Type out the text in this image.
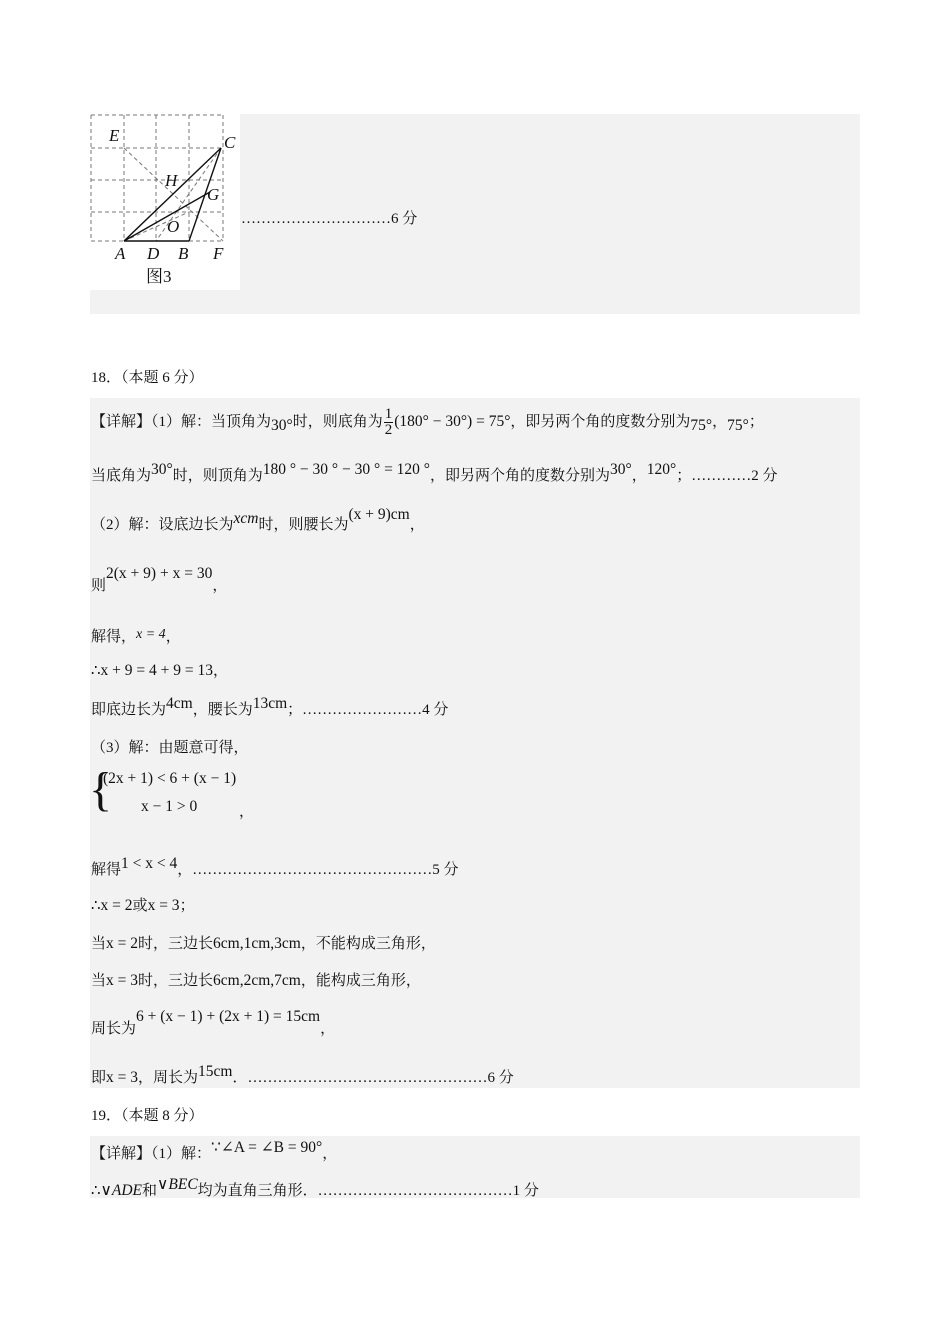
E	C
H
G
O
A D B F
图3
…………………………6 分
18．（本题 6 分）
【详解】（1）解：当顶角为30°时，则底角为 $\frac{1}{2} (180^\circ - 30^\circ) = 75^\circ$，即另两个角的度数分别为75°，75°；
当底角为30°时，则顶角为180 ° − 30 ° − 30 ° = 120 °，即另两个角的度数分别为30°，120°；…………2 分
（2）解：设底边长为xcm时，则腰长为(x + 9)cm，
则2(x + 9) + x = 30，
解得，x = 4，
∴x + 9 = 4 + 9 = 13，
即底边长为4cm，腰长为13cm；……………………4 分
（3）解：由题意可得，
{
(2x + 1) < 6 + (x − 1)
x − 1 > 0	，
解得1 < x < 4，…………………………………………5 分
∴x = 2或x = 3；
当x = 2时，三边长6cm,1cm,3cm，不能构成三角形，
当x = 3时，三边长6cm,2cm,7cm，能构成三角形，
周长为6 + (x − 1) + (2x + 1) = 15cm，
即x = 3，周长为15cm．…………………………………………6 分
19．（本题 8 分）
【详解】（1）解：∵∠A = ∠B = 90°，
∴∨ADE和∨BEC均为直角三角形．…………………………………1 分
